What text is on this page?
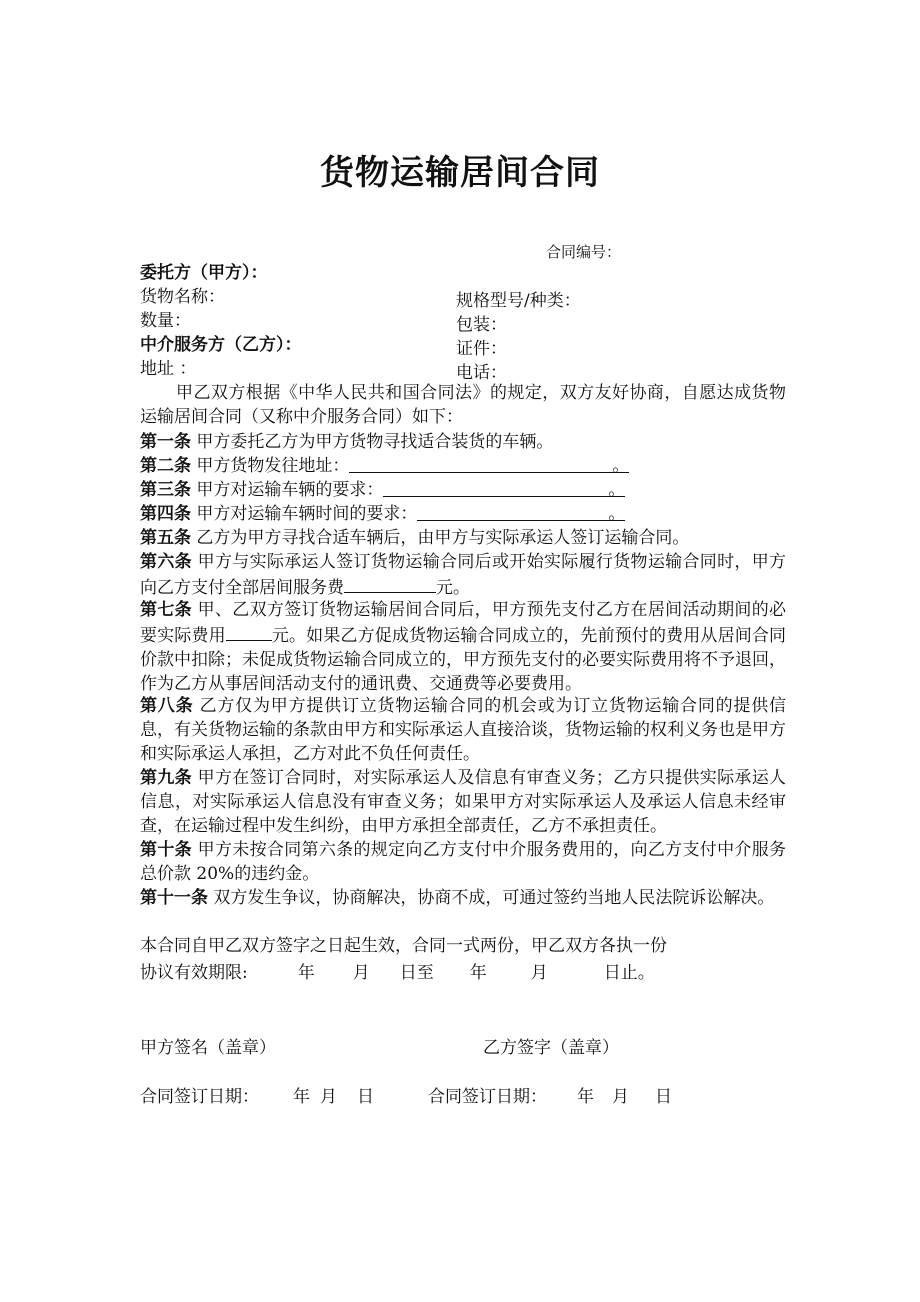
货物运输居间合同
合同编号：
委托方（甲方）：
货物名称：	规格型号/种类：
数量：	包装：
中介服务方（乙方）：	证件：
地址 ：	电话：
甲乙双方根据《中华人民共和国合同法》的规定，双方友好协商，自愿达成货物运输居间合同（又称中介服务合同）如下：
第一条 甲方委托乙方为甲方货物寻找适合装货的车辆。
第二条 甲方货物发往地址：	。
第三条 甲方对运输车辆的要求：	。
第四条 甲方对运输车辆时间的要求：	。
第五条 乙方为甲方寻找合适车辆后，由甲方与实际承运人签订运输合同。
第六条 甲方与实际承运人签订货物运输合同后或开始实际履行货物运输合同时，甲方向乙方支付全部居间服务费	元。
第七条 甲、乙双方签订货物运输居间合同后，甲方预先支付乙方在居间活动期间的必要实际费用	元。如果乙方促成货物运输合同成立的，先前预付的费用从居间合同价款中扣除；未促成货物运输合同成立的，甲方预先支付的必要实际费用将不予退回，作为乙方从事居间活动支付的通讯费、交通费等必要费用。
第八条 乙方仅为甲方提供订立货物运输合同的机会或为订立货物运输合同的提供信息，有关货物运输的条款由甲方和实际承运人直接洽谈，货物运输的权利义务也是甲方和实际承运人承担，乙方对此不负任何责任。
第九条 甲方在签订合同时，对实际承运人及信息有审查义务；乙方只提供实际承运人信息，对实际承运人信息没有审查义务；如果甲方对实际承运人及承运人信息未经审查，在运输过程中发生纠纷，由甲方承担全部责任，乙方不承担责任。
第十条 甲方未按合同第六条的规定向乙方支付中介服务费用的，向乙方支付中介服务总价款 20%的违约金。
第十一条 双方发生争议，协商解决，协商不成，可通过签约当地人民法院诉讼解决。
本合同自甲乙双方签字之日起生效，合同一式两份，甲乙双方各执一份
协议有效期限:	年 月 日至 年	月	日止。
甲方签名（盖章）	乙方签字（盖章）
合同签订日期： 年 月 日	合同签订日期： 年 月 日
